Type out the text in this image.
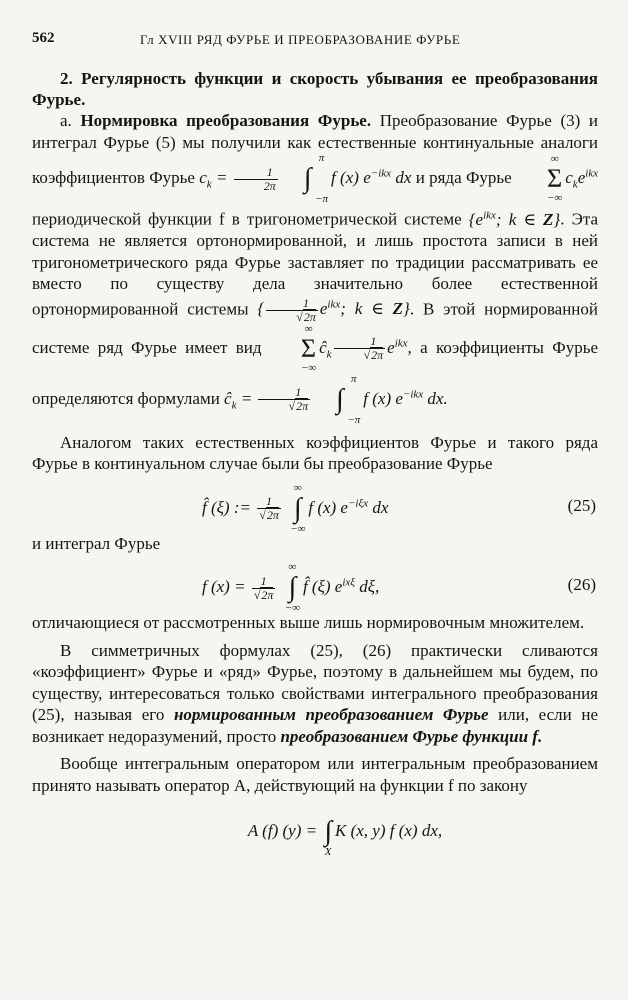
562	Гл XVIII РЯД ФУРЬЕ И ПРЕОБРАЗОВАНИЕ ФУРЬЕ

2. Регулярность функции и скорость убывания ее преобразования Фурье.

а. Нормировка преобразования Фурье. Преобразование Фурье (3) и интеграл Фурье (5) мы получили как естественные континуальные аналоги коэффициентов Фурье $c_k = \frac{1}{2\pi}$

π
∫
−π
f (x) $e^{-ikx}$ dx и ряда Фурье
∞
Σ
−∞
$c_ke^{ikx}$ периодической функции f в тригонометрической системе {$e^{ikx}$; k ∈ Z}. Эта система не является ортонормированной, и лишь простота записи в ней тригонометрического ряда Фурье заставляет по традиции рассматривать ее вместо по существу дела значительно более естественной ортонормированной системы { $\frac{1}{√2\pi} e^{ikx}$; k ∈ Z}. В этой нормированной системе ряд Фурье имеет вид
∞
Σ
−∞
$ĉ_k \frac{1}{√2\pi} e^{ikx}$, а коэффициенты Фурье определяются формулами $ĉ_k = \frac{1}{√2\pi}$

π
∫
−π
f (x) $e^{-ikx}$ dx.

Аналогом таких естественных коэффициентов Фурье и такого ряда Фурье в континуальном случае были бы преобразование Фурье

f̂ (ξ) := $\frac{1}{√2\pi}$

∞
∫
−∞
f (x) $e^{-i\xi x}$ dx	(25)

и интеграл Фурье

f $(x) = \frac{1}{√2\pi}$

∞
∫
−∞
f̂ (ξ) $e^{ix\xi}$ dξ,	(26)

отличающиеся от рассмотренных выше лишь нормировочным множителем.

В симметричных формулах (25), (26) практически сливаются «коэффициент» Фурье и «ряд» Фурье, поэтому в дальнейшем мы будем, по существу, интересоваться только свойствами интегрального преобразования (25), называя его нормированным преобразованием Фурье или, если не возникает недоразумений, просто преобразованием Фурье функции f.

Вообще интегральным оператором или интегральным преобразованием принято называть оператор A, действующий на функции f по закону

A (f) (y) =

∫
X
K (x, y) f (x) dx,
